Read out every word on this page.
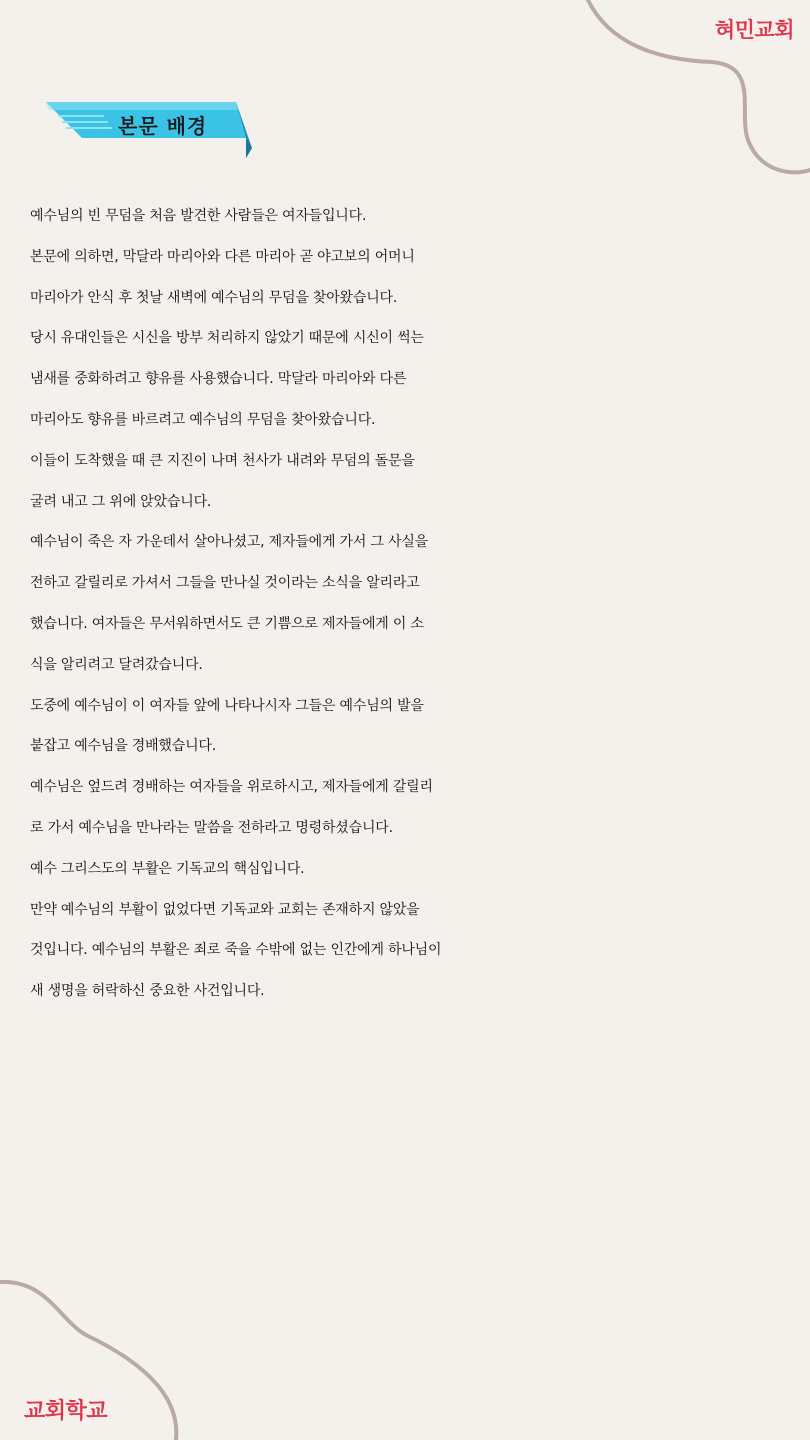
혀민교회
본문 배경
예수님의 빈 무덤을 처음 발견한 사람들은 여자들입니다.
본문에 의하면, 막달라 마리아와 다른 마리아 곧 야고보의 어머니
마리아가 안식 후 첫날 새벽에 예수님의 무덤을 찾아왔습니다.
당시 유대인들은 시신을 방부 처리하지 않았기 때문에 시신이 썩는
냄새를 중화하려고 향유를 사용했습니다. 막달라 마리아와 다른
마리아도 향유를 바르려고 예수님의 무덤을 찾아왔습니다.
이들이 도착했을 때 큰 지진이 나며 천사가 내려와 무덤의 돌문을
굴려 내고 그 위에 앉았습니다.
예수님이 죽은 자 가운데서 살아나셨고, 제자들에게 가서 그 사실을
전하고 갈릴리로 가셔서 그들을 만나실 것이라는 소식을 알리라고
했습니다. 여자들은 무서워하면서도 큰 기쁨으로 제자들에게 이 소
식을 알리려고 달려갔습니다.
도중에 예수님이 이 여자들 앞에 나타나시자 그들은 예수님의 발을
붙잡고 예수님을 경배했습니다.
예수님은 엎드려 경배하는 여자들을 위로하시고, 제자들에게 갈릴리
로 가서 예수님을 만나라는 말씀을 전하라고 명령하셨습니다.
예수 그리스도의 부활은 기독교의 핵심입니다.
만약 예수님의 부활이 없었다면 기독교와 교회는 존재하지 않았을
것입니다. 예수님의 부활은 죄로 죽을 수밖에 없는 인간에게 하나님이
새 생명을 허락하신 중요한 사건입니다.
교회학교
